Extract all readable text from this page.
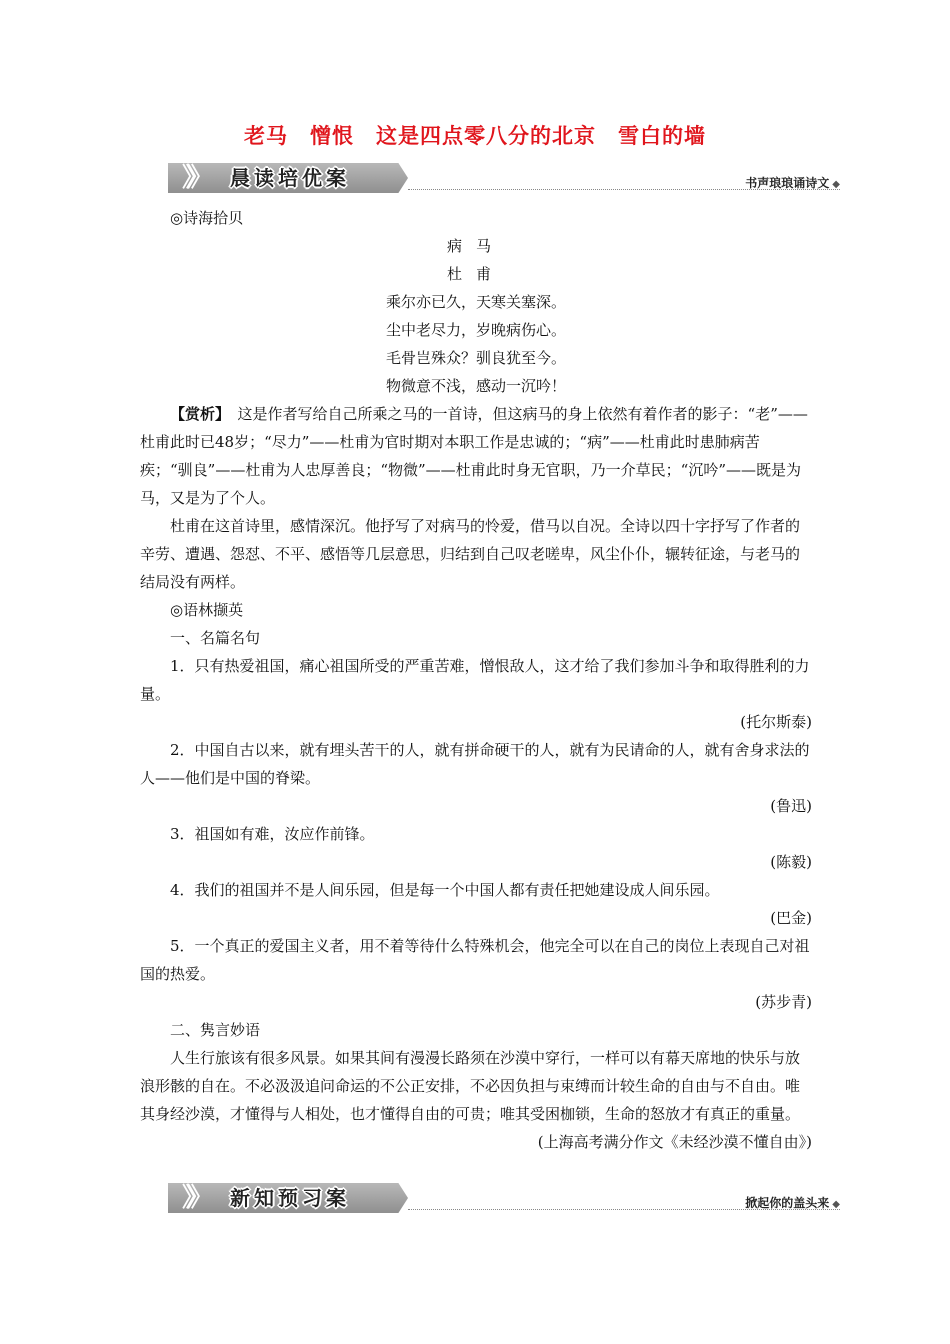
老马　憎恨　这是四点零八分的北京　雪白的墙
》》 晨读培优案	书声琅琅诵诗文 ◆

◎诗海拾贝

病马

杜甫

乘尔亦已久，天寒关塞深。

尘中老尽力，岁晚病伤心。

毛骨岂殊众？驯良犹至今。

物微意不浅，感动一沉吟！

【赏析】　 这是作者写给自己所乘之马的一首诗，但这病马的身上依然有着作者的影子：“老”——杜甫此时已48岁；“尽力”——杜甫为官时期对本职工作是忠诚的；“病”——杜甫此时患肺病苦疾；“驯良”——杜甫为人忠厚善良；“物微”——杜甫此时身无官职，乃一介草民；“沉吟”——既是为马，又是为了个人。

杜甫在这首诗里，感情深沉。他抒写了对病马的怜爱，借马以自况。全诗以四十字抒写了作者的辛劳、遭遇、怨怼、不平、感悟等几层意思，归结到自己叹老嗟卑，风尘仆仆，辗转征途，与老马的结局没有两样。

◎语林撷英

一、名篇名句

1．只有热爱祖国，痛心祖国所受的严重苦难，憎恨敌人，这才给了我们参加斗争和取得胜利的力量。

(托尔斯泰)

2．中国自古以来，就有埋头苦干的人，就有拼命硬干的人，就有为民请命的人，就有舍身求法的人——他们是中国的脊梁。

(鲁迅)

3．祖国如有难，汝应作前锋。

(陈毅)

4．我们的祖国并不是人间乐园，但是每一个中国人都有责任把她建设成人间乐园。

(巴金)

5．一个真正的爱国主义者，用不着等待什么特殊机会，他完全可以在自己的岗位上表现自己对祖国的热爱。

(苏步青)

二、隽言妙语

人生行旅该有很多风景。如果其间有漫漫长路须在沙漠中穿行，一样可以有幕天席地的快乐与放浪形骸的自在。不必汲汲追问命运的不公正安排，不必因负担与束缚而计较生命的自由与不自由。唯其身经沙漠，才懂得与人相处，也才懂得自由的可贵；唯其受困枷锁，生命的怒放才有真正的重量。

(上海高考满分作文《未经沙漠不懂自由》)

》》 新知预习案	掀起你的盖头来 ◆
